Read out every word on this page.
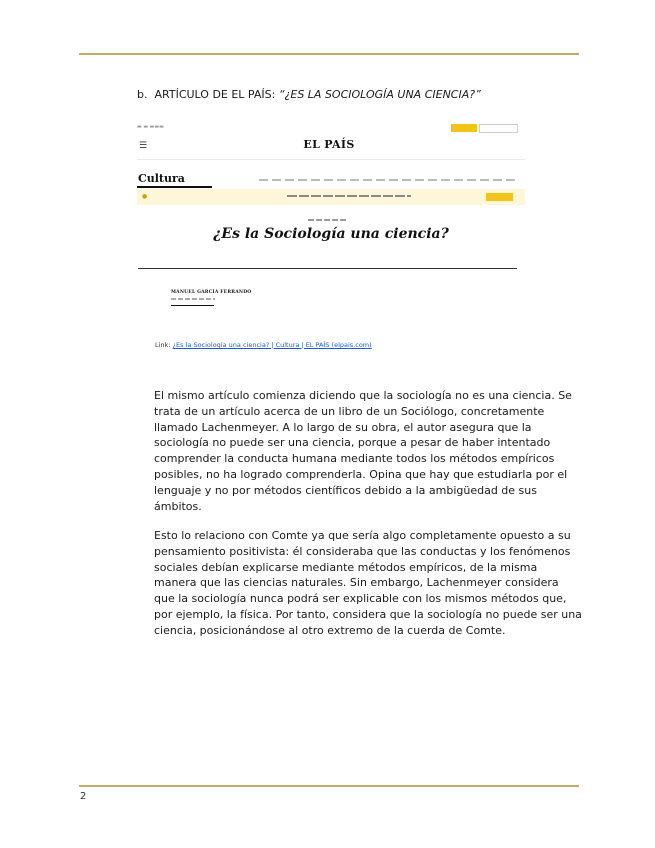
b. ARTÍCULO DE EL PAÍS: “¿ES LA SOCIOLOGÍA UNA CIENCIA?”
▬ ▬ ▬▬▬
☰	EL PAÍS
Cultura
●
¿Es la Sociología una ciencia?
MANUEL GARCIA FERRANDO
Link: ¿Es la Sociología una ciencia? | Cultura | EL PAÍS (elpais.com)

El mismo artículo comienza diciendo que la sociología no es una ciencia. Se trata de un artículo acerca de un libro de un Sociólogo, concretamente llamado Lachenmeyer. A lo largo de su obra, el autor asegura que la sociología no puede ser una ciencia, porque a pesar de haber intentado comprender la conducta humana mediante todos los métodos empíricos posibles, no ha logrado comprenderla. Opina que hay que estudiarla por el lenguaje y no por métodos científicos debido a la ambigüedad de sus ámbitos.

Esto lo relaciono con Comte ya que sería algo completamente opuesto a su pensamiento positivista: él consideraba que las conductas y los fenómenos sociales debían explicarse mediante métodos empíricos, de la misma manera que las ciencias naturales. Sin embargo, Lachenmeyer considera que la sociología nunca podrá ser explicable con los mismos métodos que, por ejemplo, la física. Por tanto, considera que la sociología no puede ser una ciencia, posicionándose al otro extremo de la cuerda de Comte.

2
